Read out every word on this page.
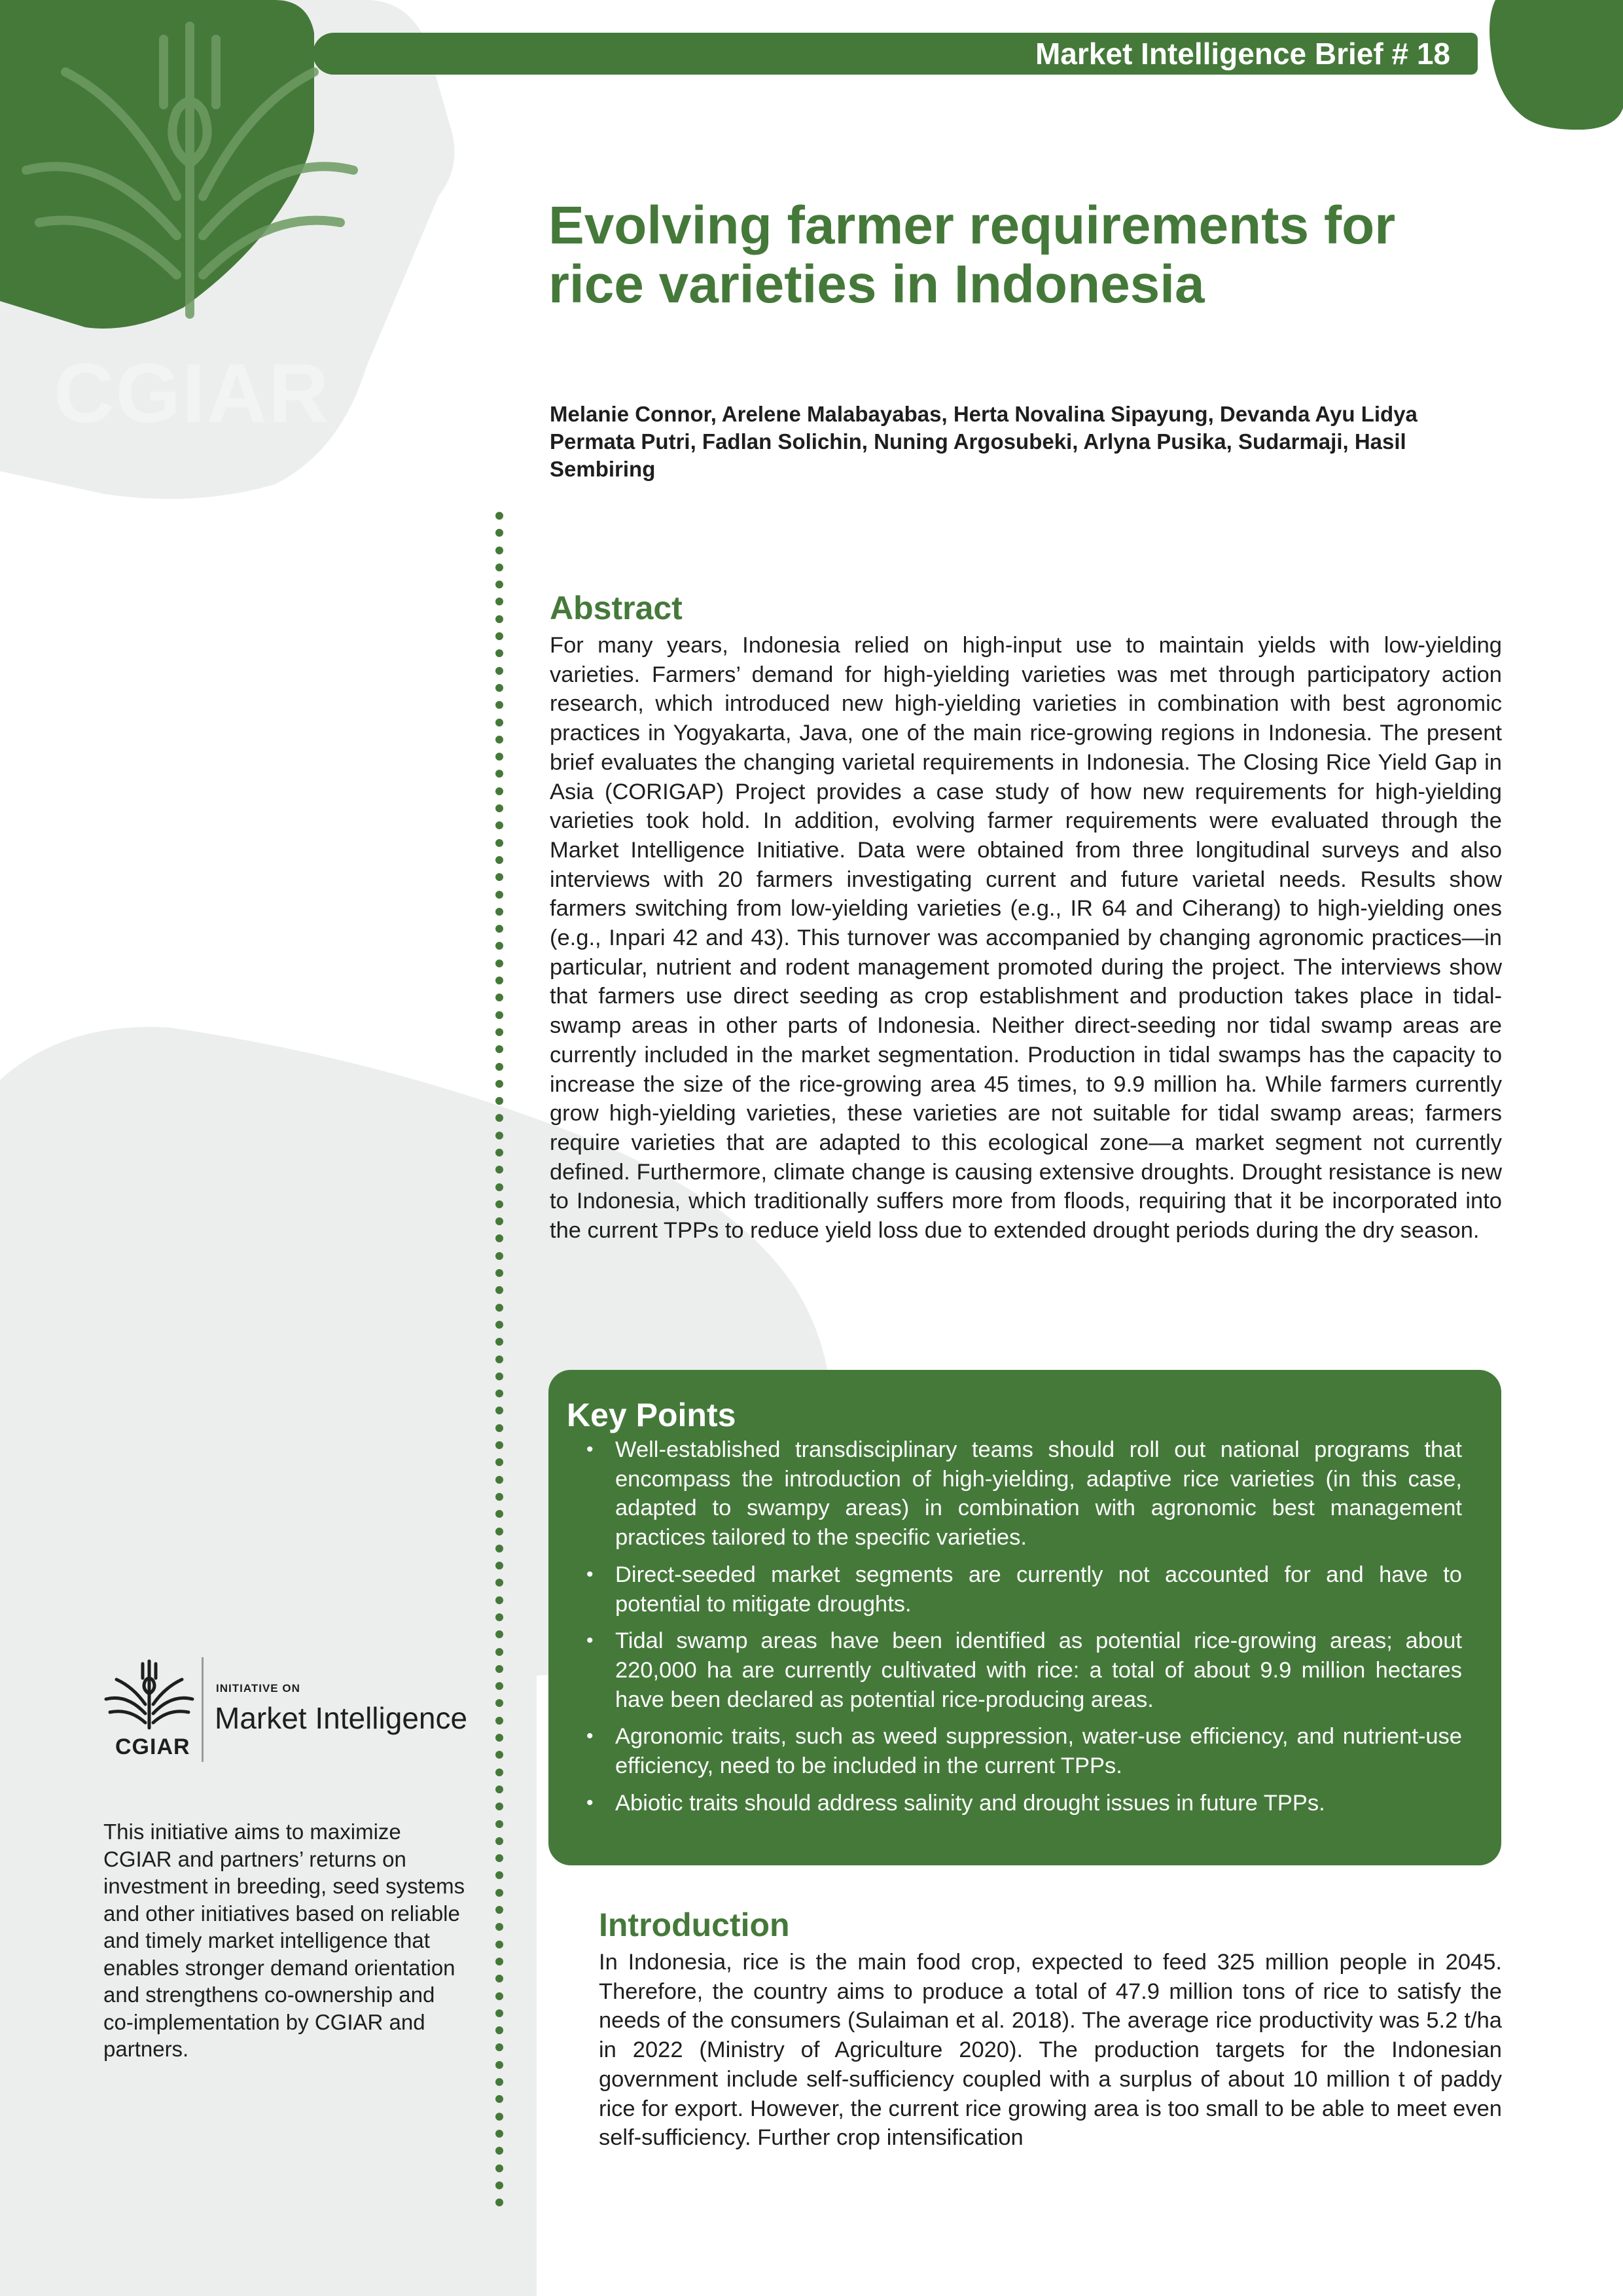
CGIAR
Market Intelligence Brief # 18
Evolving farmer requirements for rice varieties in Indonesia
Melanie Connor, Arelene Malabayabas, Herta Novalina Sipayung, Devanda Ayu Lidya Permata Putri, Fadlan Solichin, Nuning Argosubeki, Arlyna Pusika, Sudarmaji, Hasil Sembiring
Abstract

For many years, Indonesia relied on high-input use to maintain yields with low-yielding varieties. Farmers’ demand for high-yielding varieties was met through participatory action research, which introduced new high-yielding varieties in combination with best agronomic practices in Yogyakarta, Java, one of the main rice-growing regions in Indonesia. The present brief evaluates the changing varietal requirements in Indonesia. The Closing Rice Yield Gap in Asia (CORIGAP) Project provides a case study of how new requirements for high-yielding varieties took hold. In addition, evolving farmer requirements were evaluated through the Market Intelligence Initiative. Data were obtained from three longitudinal surveys and also interviews with 20 farmers investigating current and future varietal needs. Results show farmers switching from low-yielding varieties (e.g., IR 64 and Ciherang) to high-yielding ones (e.g., Inpari 42 and 43). This turnover was accompanied by changing agronomic practices—in particular, nutrient and rodent management promoted during the project. The interviews show that farmers use direct seeding as crop establishment and production takes place in tidal-swamp areas in other parts of Indonesia. Neither direct-seeding nor tidal swamp areas are currently included in the market segmentation. Production in tidal swamps has the capacity to increase the size of the rice-growing area 45 times, to 9.9 million ha. While farmers currently grow high-yielding varieties, these varieties are not suitable for tidal swamp areas; farmers require varieties that are adapted to this ecological zone—a market segment not currently defined. Furthermore, climate change is causing extensive droughts. Drought resistance is new to Indonesia, which traditionally suffers more from floods, requiring that it be incorporated into the current TPPs to reduce yield loss due to extended drought periods during the dry season.

Key Points
• Well-established transdisciplinary teams should roll out national programs that encompass the introduction of high-yielding, adaptive rice varieties (in this case, adapted to swampy areas) in combination with agronomic best management practices tailored to the specific varieties.
• Direct-seeded market segments are currently not accounted for and have to potential to mitigate droughts.
• Tidal swamp areas have been identified as potential rice-growing areas; about 220,000 ha are currently cultivated with rice: a total of about 9.9 million hectares have been declared as potential rice-producing areas.
• Agronomic traits, such as weed suppression, water-use efficiency, and nutrient-use efficiency, need to be included in the current TPPs.
• Abiotic traits should address salinity and drought issues in future TPPs.
Introduction

In Indonesia, rice is the main food crop, expected to feed 325 million people in 2045. Therefore, the country aims to produce a total of 47.9 million tons of rice to satisfy the needs of the consumers (Sulaiman et al. 2018). The average rice productivity was 5.2 t/ha in 2022 (Ministry of Agriculture 2020). The production targets for the Indonesian government include self-sufficiency coupled with a surplus of about 10 million t of paddy rice for export. However, the current rice growing area is too small to be able to meet even self-sufficiency. Further crop intensification

CGIAR
INITIATIVE ON
Market Intelligence
This initiative aims to maximize CGIAR and partners’ returns on investment in breeding, seed systems and other initiatives based on reliable and timely market intelligence that enables stronger demand orientation and strengthens co-ownership and co-implementation by CGIAR and partners.
